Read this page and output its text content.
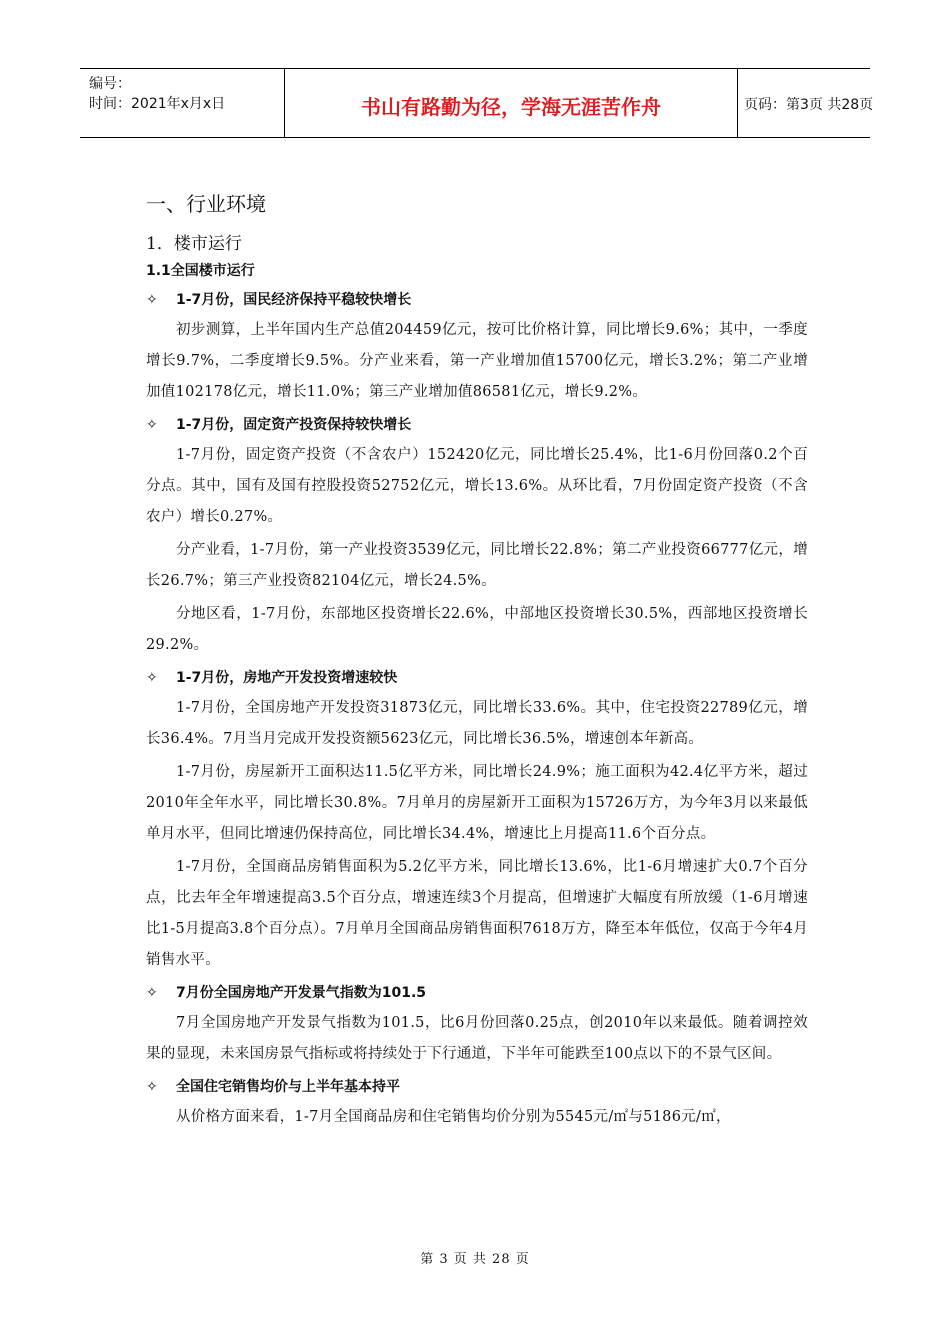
编号：
时间：2021年x月x日	书山有路勤为径，学海无涯苦作舟	页码：第3页 共28页
一、行业环境
1．楼市运行
1.1全国楼市运行
✧ 1-7月份，国民经济保持平稳较快增长

初步测算，上半年国内生产总值204459亿元，按可比价格计算，同比增长9.6%；其中，一季度增长9.7%，二季度增长9.5%。分产业来看，第一产业增加值15700亿元，增长3.2%；第二产业增加值102178亿元，增长11.0%；第三产业增加值86581亿元，增长9.2%。

✧ 1-7月份，固定资产投资保持较快增长

1-7月份，固定资产投资（不含农户）152420亿元，同比增长25.4%，比1-6月份回落0.2个百分点。其中，国有及国有控股投资52752亿元，增长13.6%。从环比看，7月份固定资产投资（不含农户）增长0.27%。

分产业看，1-7月份，第一产业投资3539亿元，同比增长22.8%；第二产业投资66777亿元，增长26.7%；第三产业投资82104亿元，增长24.5%。

分地区看，1-7月份，东部地区投资增长22.6%，中部地区投资增长30.5%，西部地区投资增长29.2%。

✧ 1-7月份，房地产开发投资增速较快

1-7月份，全国房地产开发投资31873亿元，同比增长33.6%。其中，住宅投资22789亿元，增长36.4%。7月当月完成开发投资额5623亿元，同比增长36.5%，增速创本年新高。

1-7月份，房屋新开工面积达11.5亿平方米，同比增长24.9%；施工面积为42.4亿平方米，超过2010年全年水平，同比增长30.8%。7月单月的房屋新开工面积为15726万方，为今年3月以来最低单月水平，但同比增速仍保持高位，同比增长34.4%，增速比上月提高11.6个百分点。

1-7月份，全国商品房销售面积为5.2亿平方米，同比增长13.6%，比1-6月增速扩大0.7个百分点，比去年全年增速提高3.5个百分点，增速连续3个月提高，但增速扩大幅度有所放缓（1-6月增速比1-5月提高3.8个百分点）。7月单月全国商品房销售面积7618万方，降至本年低位，仅高于今年4月销售水平。

✧ 7月份全国房地产开发景气指数为101.5

7月全国房地产开发景气指数为101.5，比6月份回落0.25点，创2010年以来最低。随着调控效果的显现，未来国房景气指标或将持续处于下行通道，下半年可能跌至100点以下的不景气区间。

✧ 全国住宅销售均价与上半年基本持平

从价格方面来看，1-7月全国商品房和住宅销售均价分别为5545元/㎡与5186元/㎡，

第 3 页 共 28 页
